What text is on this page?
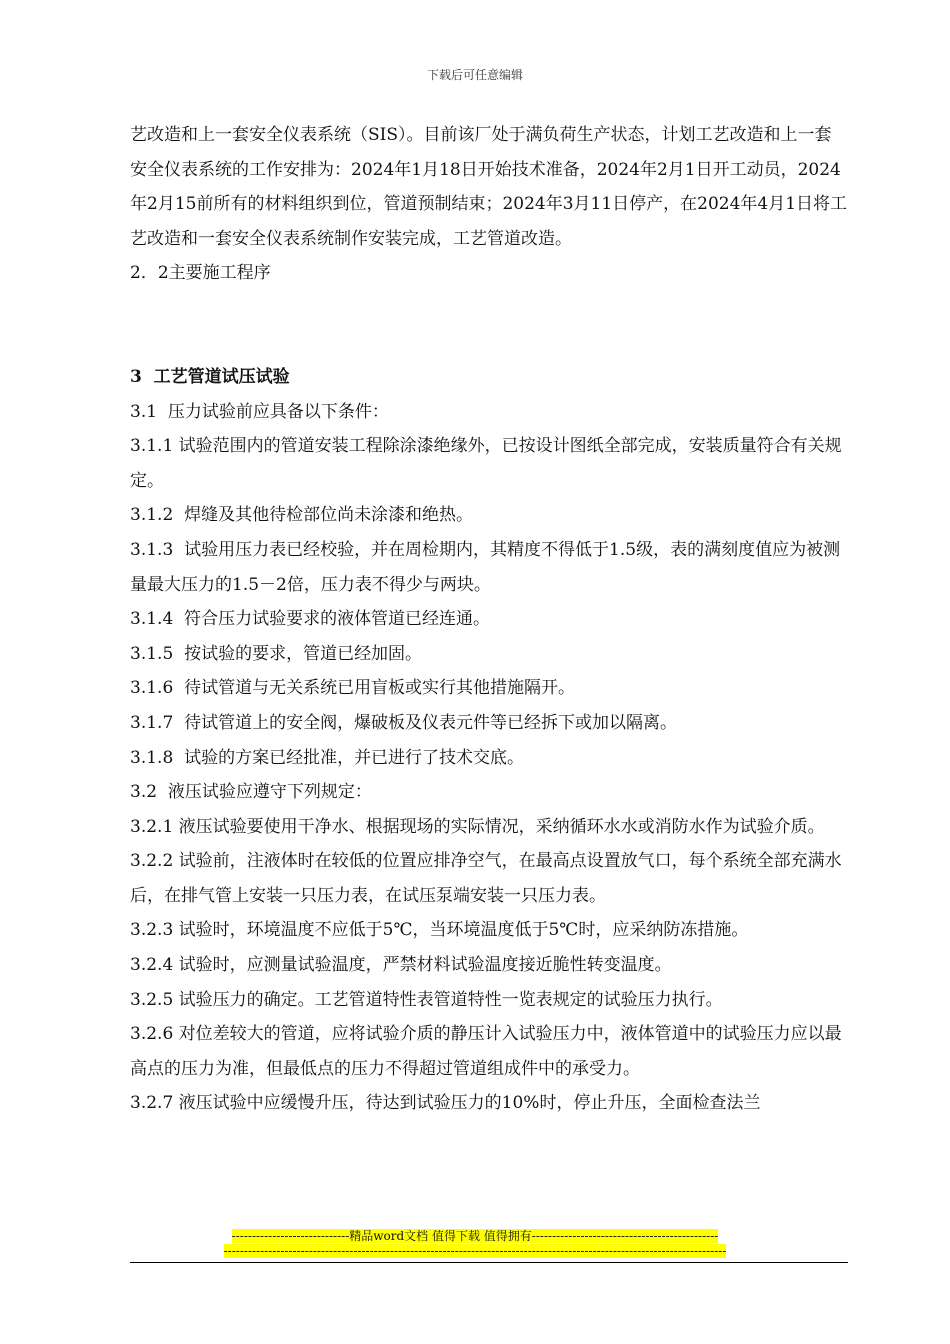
下载后可任意编辑

艺改造和上一套安全仪表系统（SIS）。目前该厂处于满负荷生产状态，计划工艺改造和上一套安全仪表系统的工作安排为：2024年1月18日开始技术准备，2024年2月1日开工动员，2024年2月15前所有的材料组织到位，管道预制结束；2024年3月11日停产，在2024年4月1日将工艺改造和一套安全仪表系统制作安装完成，工艺管道改造。

2．2主要施工程序

3  工艺管道试压试验

3.1  压力试验前应具备以下条件：

3.1.1 试验范围内的管道安装工程除涂漆绝缘外，已按设计图纸全部完成，安装质量符合有关规定。

3.1.2  焊缝及其他待检部位尚未涂漆和绝热。

3.1.3  试验用压力表已经校验，并在周检期内，其精度不得低于1.5级，表的满刻度值应为被测量最大压力的1.5－2倍，压力表不得少与两块。

3.1.4  符合压力试验要求的液体管道已经连通。

3.1.5  按试验的要求，管道已经加固。

3.1.6  待试管道与无关系统已用盲板或实行其他措施隔开。

3.1.7  待试管道上的安全阀，爆破板及仪表元件等已经拆下或加以隔离。

3.1.8  试验的方案已经批准，并已进行了技术交底。

3.2  液压试验应遵守下列规定：

3.2.1 液压试验要使用干净水、根据现场的实际情况，采纳循环水水或消防水作为试验介质。

3.2.2 试验前，注液体时在较低的位置应排净空气，在最高点设置放气口，每个系统全部充满水后，在排气管上安装一只压力表，在试压泵端安装一只压力表。

3.2.3 试验时，环境温度不应低于5℃，当环境温度低于5℃时，应采纳防冻措施。

3.2.4 试验时，应测量试验温度，严禁材料试验温度接近脆性转变温度。

3.2.5 试验压力的确定。工艺管道特性表管道特性一览表规定的试验压力执行。

3.2.6 对位差较大的管道，应将试验介质的静压计入试验压力中，液体管道中的试验压力应以最高点的压力为准，但最低点的压力不得超过管道组成件中的承受力。

3.2.7 液压试验中应缓慢升压，待达到试验压力的10%时，停止升压，全面检查法兰

-----------------------------精品word文档 值得下载 值得拥有----------------------------------------------
----------------------------------------------------------------------------------------------------------------------------
